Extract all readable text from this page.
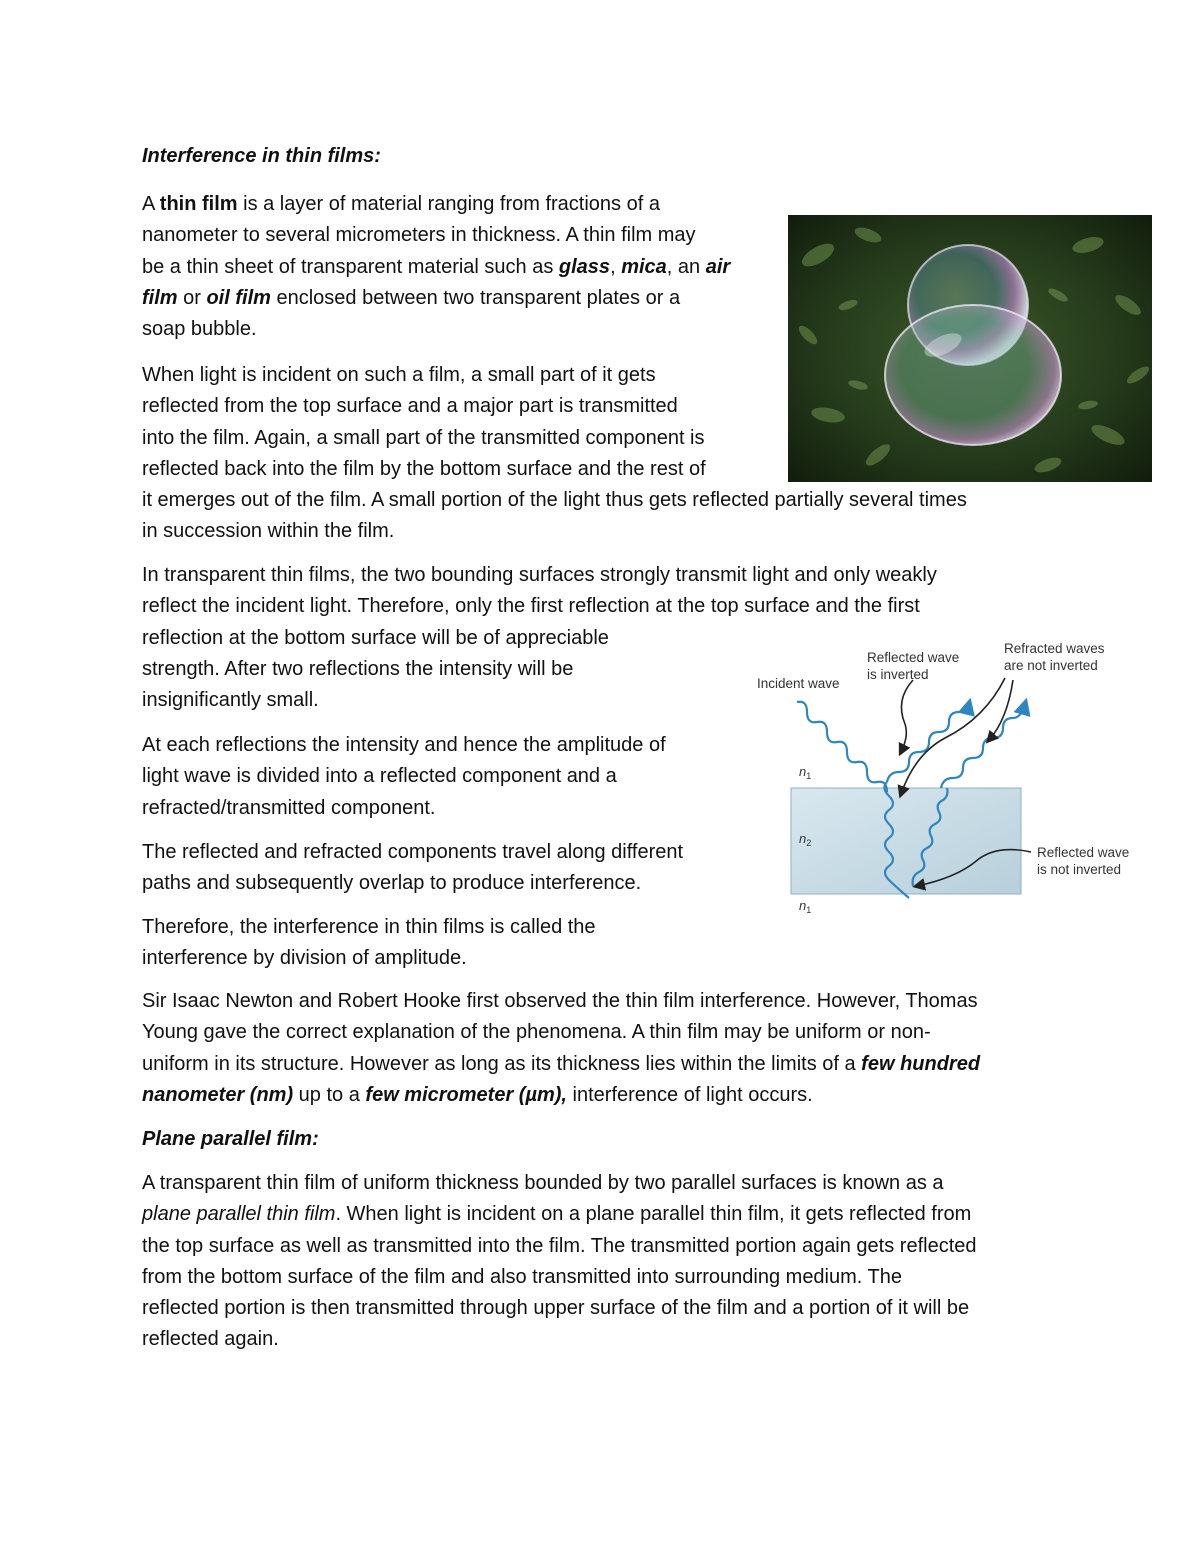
Interference in thin films:
A thin film is a layer of material ranging from fractions of a
nanometer to several micrometers in thickness. A thin film may
be a thin sheet of transparent material such as glass, mica, an air
film or oil film enclosed between two transparent plates or a
soap bubble.
When light is incident on such a film, a small part of it gets
reflected from the top surface and a major part is transmitted
into the film. Again, a small part of the transmitted component is
reflected back into the film by the bottom surface and the rest of
it emerges out of the film. A small portion of the light thus gets reflected partially several times
in succession within the film.
In transparent thin films, the two bounding surfaces strongly transmit light and only weakly
reflect the incident light. Therefore, only the first reflection at the top surface and the first
reflection at the bottom surface will be of appreciable
strength. After two reflections the intensity will be
insignificantly small.
At each reflections the intensity and hence the amplitude of
light wave is divided into a reflected component and a
refracted/transmitted component.
The reflected and refracted components travel along different
paths and subsequently overlap to produce interference.
Therefore, the interference in thin films is called the
interference by division of amplitude.
Incident wave
Reflected wave
is inverted
Refracted waves
are not inverted
Reflected wave
is not inverted
$n_1$
$n_2$
$n_1$
Sir Isaac Newton and Robert Hooke first observed the thin film interference. However, Thomas
Young gave the correct explanation of the phenomena. A thin film may be uniform or non-
uniform in its structure. However as long as its thickness lies within the limits of a few hundred
nanometer (nm) up to a few micrometer (µm), interference of light occurs.
Plane parallel film:
A transparent thin film of uniform thickness bounded by two parallel surfaces is known as a
plane parallel thin film. When light is incident on a plane parallel thin film, it gets reflected from
the top surface as well as transmitted into the film. The transmitted portion again gets reflected
from the bottom surface of the film and also transmitted into surrounding medium. The
reflected portion is then transmitted through upper surface of the film and a portion of it will be
reflected again.
